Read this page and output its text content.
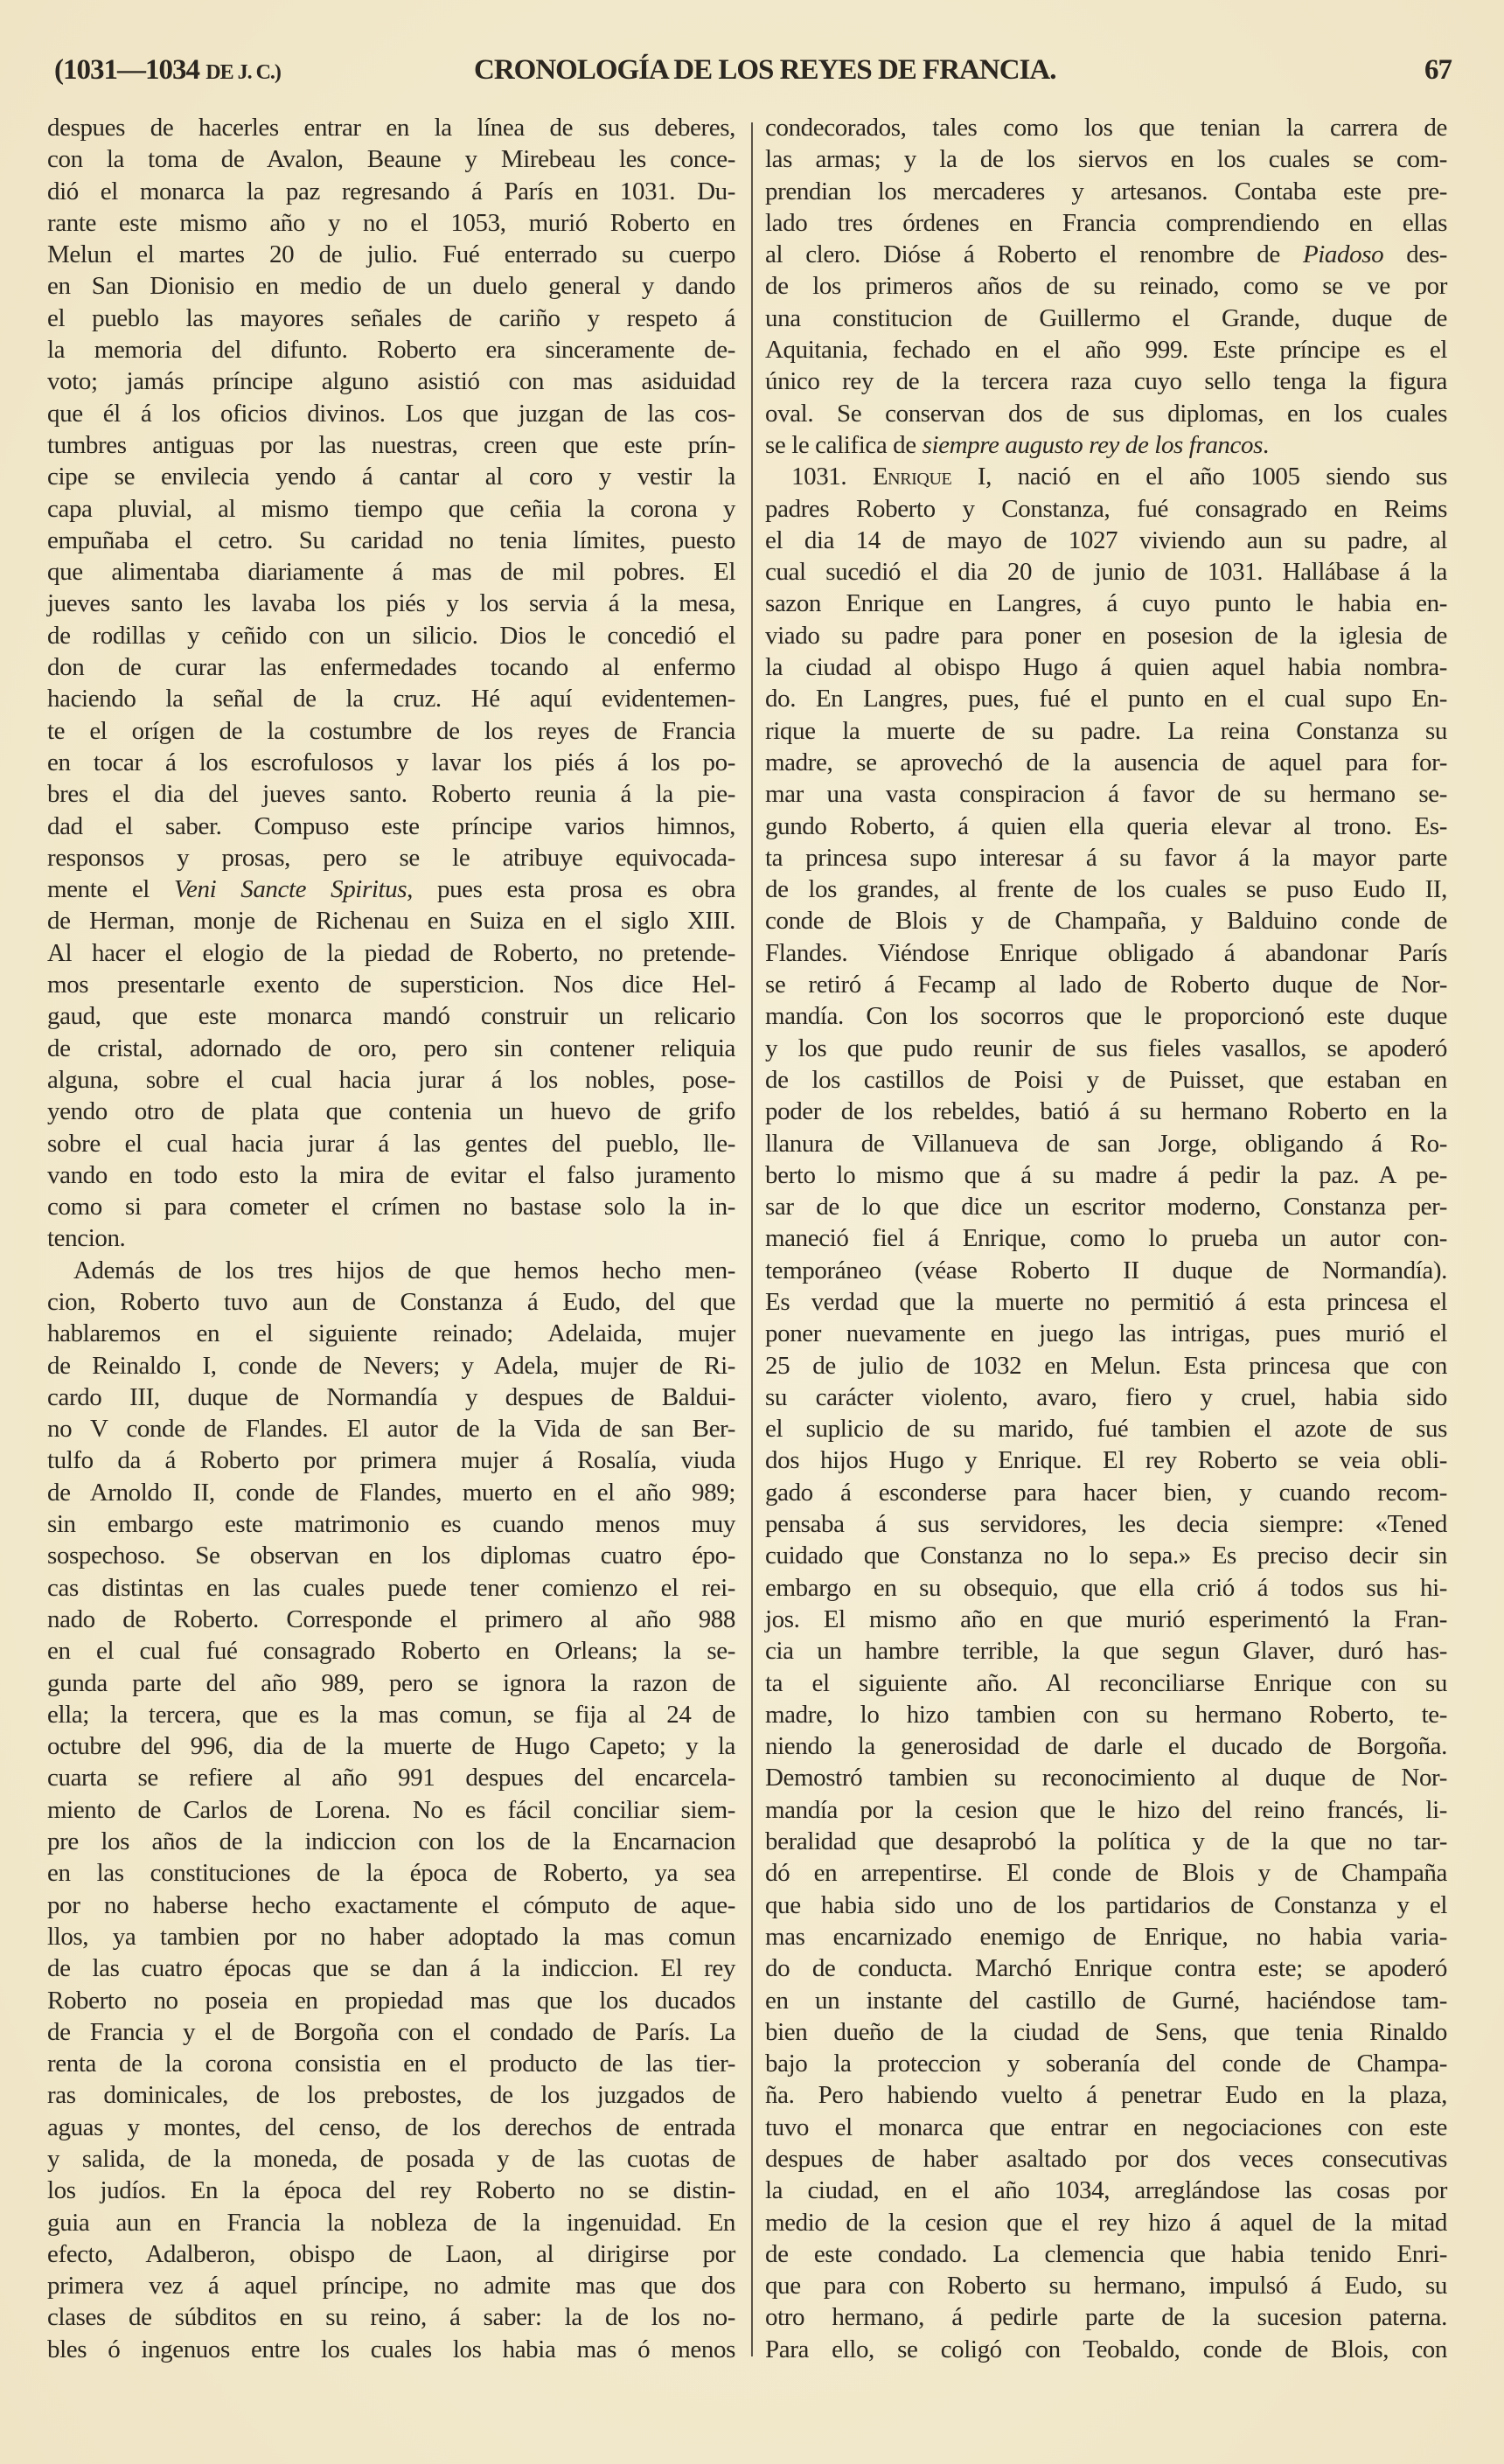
(1031—1034 DE J. C.)	CRONOLOGÍA DE LOS REYES DE FRANCIA.	67
despues de hacerles entrar en la línea de sus deberes,
con la toma de Avalon, Beaune y Mirebeau les conce-
dió el monarca la paz regresando á París en 1031. Du-
rante este mismo año y no el 1053, murió Roberto en
Melun el martes 20 de julio. Fué enterrado su cuerpo
en San Dionisio en medio de un duelo general y dando
el pueblo las mayores señales de cariño y respeto á
la memoria del difunto. Roberto era sinceramente de-
voto; jamás príncipe alguno asistió con mas asiduidad
que él á los oficios divinos. Los que juzgan de las cos-
tumbres antiguas por las nuestras, creen que este prín-
cipe se envilecia yendo á cantar al coro y vestir la
capa pluvial, al mismo tiempo que ceñia la corona y
empuñaba el cetro. Su caridad no tenia límites, puesto
que alimentaba diariamente á mas de mil pobres. El
jueves santo les lavaba los piés y los servia á la mesa,
de rodillas y ceñido con un silicio. Dios le concedió el
don de curar las enfermedades tocando al enfermo
haciendo la señal de la cruz. Hé aquí evidentemen-
te el orígen de la costumbre de los reyes de Francia
en tocar á los escrofulosos y lavar los piés á los po-
bres el dia del jueves santo. Roberto reunia á la pie-
dad el saber. Compuso este príncipe varios himnos,
responsos y prosas, pero se le atribuye equivocada-
mente el Veni Sancte Spiritus, pues esta prosa es obra
de Herman, monje de Richenau en Suiza en el siglo XIII.
Al hacer el elogio de la piedad de Roberto, no pretende-
mos presentarle exento de supersticion. Nos dice Hel-
gaud, que este monarca mandó construir un relicario
de cristal, adornado de oro, pero sin contener reliquia
alguna, sobre el cual hacia jurar á los nobles, pose-
yendo otro de plata que contenia un huevo de grifo
sobre el cual hacia jurar á las gentes del pueblo, lle-
vando en todo esto la mira de evitar el falso juramento
como si para cometer el crímen no bastase solo la in-
tencion.
Además de los tres hijos de que hemos hecho men-
cion, Roberto tuvo aun de Constanza á Eudo, del que
hablaremos en el siguiente reinado; Adelaida, mujer
de Reinaldo I, conde de Nevers; y Adela, mujer de Ri-
cardo III, duque de Normandía y despues de Baldui-
no V conde de Flandes. El autor de la Vida de san Ber-
tulfo da á Roberto por primera mujer á Rosalía, viuda
de Arnoldo II, conde de Flandes, muerto en el año 989;
sin embargo este matrimonio es cuando menos muy
sospechoso. Se observan en los diplomas cuatro épo-
cas distintas en las cuales puede tener comienzo el rei-
nado de Roberto. Corresponde el primero al año 988
en el cual fué consagrado Roberto en Orleans; la se-
gunda parte del año 989, pero se ignora la razon de
ella; la tercera, que es la mas comun, se fija al 24 de
octubre del 996, dia de la muerte de Hugo Capeto; y la
cuarta se refiere al año 991 despues del encarcela-
miento de Carlos de Lorena. No es fácil conciliar siem-
pre los años de la indiccion con los de la Encarnacion
en las constituciones de la época de Roberto, ya sea
por no haberse hecho exactamente el cómputo de aque-
llos, ya tambien por no haber adoptado la mas comun
de las cuatro épocas que se dan á la indiccion. El rey
Roberto no poseia en propiedad mas que los ducados
de Francia y el de Borgoña con el condado de París. La
renta de la corona consistia en el producto de las tier-
ras dominicales, de los prebostes, de los juzgados de
aguas y montes, del censo, de los derechos de entrada
y salida, de la moneda, de posada y de las cuotas de
los judíos. En la época del rey Roberto no se distin-
guia aun en Francia la nobleza de la ingenuidad. En
efecto, Adalberon, obispo de Laon, al dirigirse por
primera vez á aquel príncipe, no admite mas que dos
clases de súbditos en su reino, á saber: la de los no-
bles ó ingenuos entre los cuales los habia mas ó menos
condecorados, tales como los que tenian la carrera de
las armas; y la de los siervos en los cuales se com-
prendian los mercaderes y artesanos. Contaba este pre-
lado tres órdenes en Francia comprendiendo en ellas
al clero. Dióse á Roberto el renombre de Piadoso des-
de los primeros años de su reinado, como se ve por
una constitucion de Guillermo el Grande, duque de
Aquitania, fechado en el año 999. Este príncipe es el
único rey de la tercera raza cuyo sello tenga la figura
oval. Se conservan dos de sus diplomas, en los cuales
se le califica de siempre augusto rey de los francos.
1031. Enrique I, nació en el año 1005 siendo sus
padres Roberto y Constanza, fué consagrado en Reims
el dia 14 de mayo de 1027 viviendo aun su padre, al
cual sucedió el dia 20 de junio de 1031. Hallábase á la
sazon Enrique en Langres, á cuyo punto le habia en-
viado su padre para poner en posesion de la iglesia de
la ciudad al obispo Hugo á quien aquel habia nombra-
do. En Langres, pues, fué el punto en el cual supo En-
rique la muerte de su padre. La reina Constanza su
madre, se aprovechó de la ausencia de aquel para for-
mar una vasta conspiracion á favor de su hermano se-
gundo Roberto, á quien ella queria elevar al trono. Es-
ta princesa supo interesar á su favor á la mayor parte
de los grandes, al frente de los cuales se puso Eudo II,
conde de Blois y de Champaña, y Balduino conde de
Flandes. Viéndose Enrique obligado á abandonar París
se retiró á Fecamp al lado de Roberto duque de Nor-
mandía. Con los socorros que le proporcionó este duque
y los que pudo reunir de sus fieles vasallos, se apoderó
de los castillos de Poisi y de Puisset, que estaban en
poder de los rebeldes, batió á su hermano Roberto en la
llanura de Villanueva de san Jorge, obligando á Ro-
berto lo mismo que á su madre á pedir la paz. A pe-
sar de lo que dice un escritor moderno, Constanza per-
maneció fiel á Enrique, como lo prueba un autor con-
temporáneo (véase Roberto II duque de Normandía).
Es verdad que la muerte no permitió á esta princesa el
poner nuevamente en juego las intrigas, pues murió el
25 de julio de 1032 en Melun. Esta princesa que con
su carácter violento, avaro, fiero y cruel, habia sido
el suplicio de su marido, fué tambien el azote de sus
dos hijos Hugo y Enrique. El rey Roberto se veia obli-
gado á esconderse para hacer bien, y cuando recom-
pensaba á sus servidores, les decia siempre: «Tened
cuidado que Constanza no lo sepa.» Es preciso decir sin
embargo en su obsequio, que ella crió á todos sus hi-
jos. El mismo año en que murió esperimentó la Fran-
cia un hambre terrible, la que segun Glaver, duró has-
ta el siguiente año. Al reconciliarse Enrique con su
madre, lo hizo tambien con su hermano Roberto, te-
niendo la generosidad de darle el ducado de Borgoña.
Demostró tambien su reconocimiento al duque de Nor-
mandía por la cesion que le hizo del reino francés, li-
beralidad que desaprobó la política y de la que no tar-
dó en arrepentirse. El conde de Blois y de Champaña
que habia sido uno de los partidarios de Constanza y el
mas encarnizado enemigo de Enrique, no habia varia-
do de conducta. Marchó Enrique contra este; se apoderó
en un instante del castillo de Gurné, haciéndose tam-
bien dueño de la ciudad de Sens, que tenia Rinaldo
bajo la proteccion y soberanía del conde de Champa-
ña. Pero habiendo vuelto á penetrar Eudo en la plaza,
tuvo el monarca que entrar en negociaciones con este
despues de haber asaltado por dos veces consecutivas
la ciudad, en el año 1034, arreglándose las cosas por
medio de la cesion que el rey hizo á aquel de la mitad
de este condado. La clemencia que habia tenido Enri-
que para con Roberto su hermano, impulsó á Eudo, su
otro hermano, á pedirle parte de la sucesion paterna.
Para ello, se coligó con Teobaldo, conde de Blois, con
